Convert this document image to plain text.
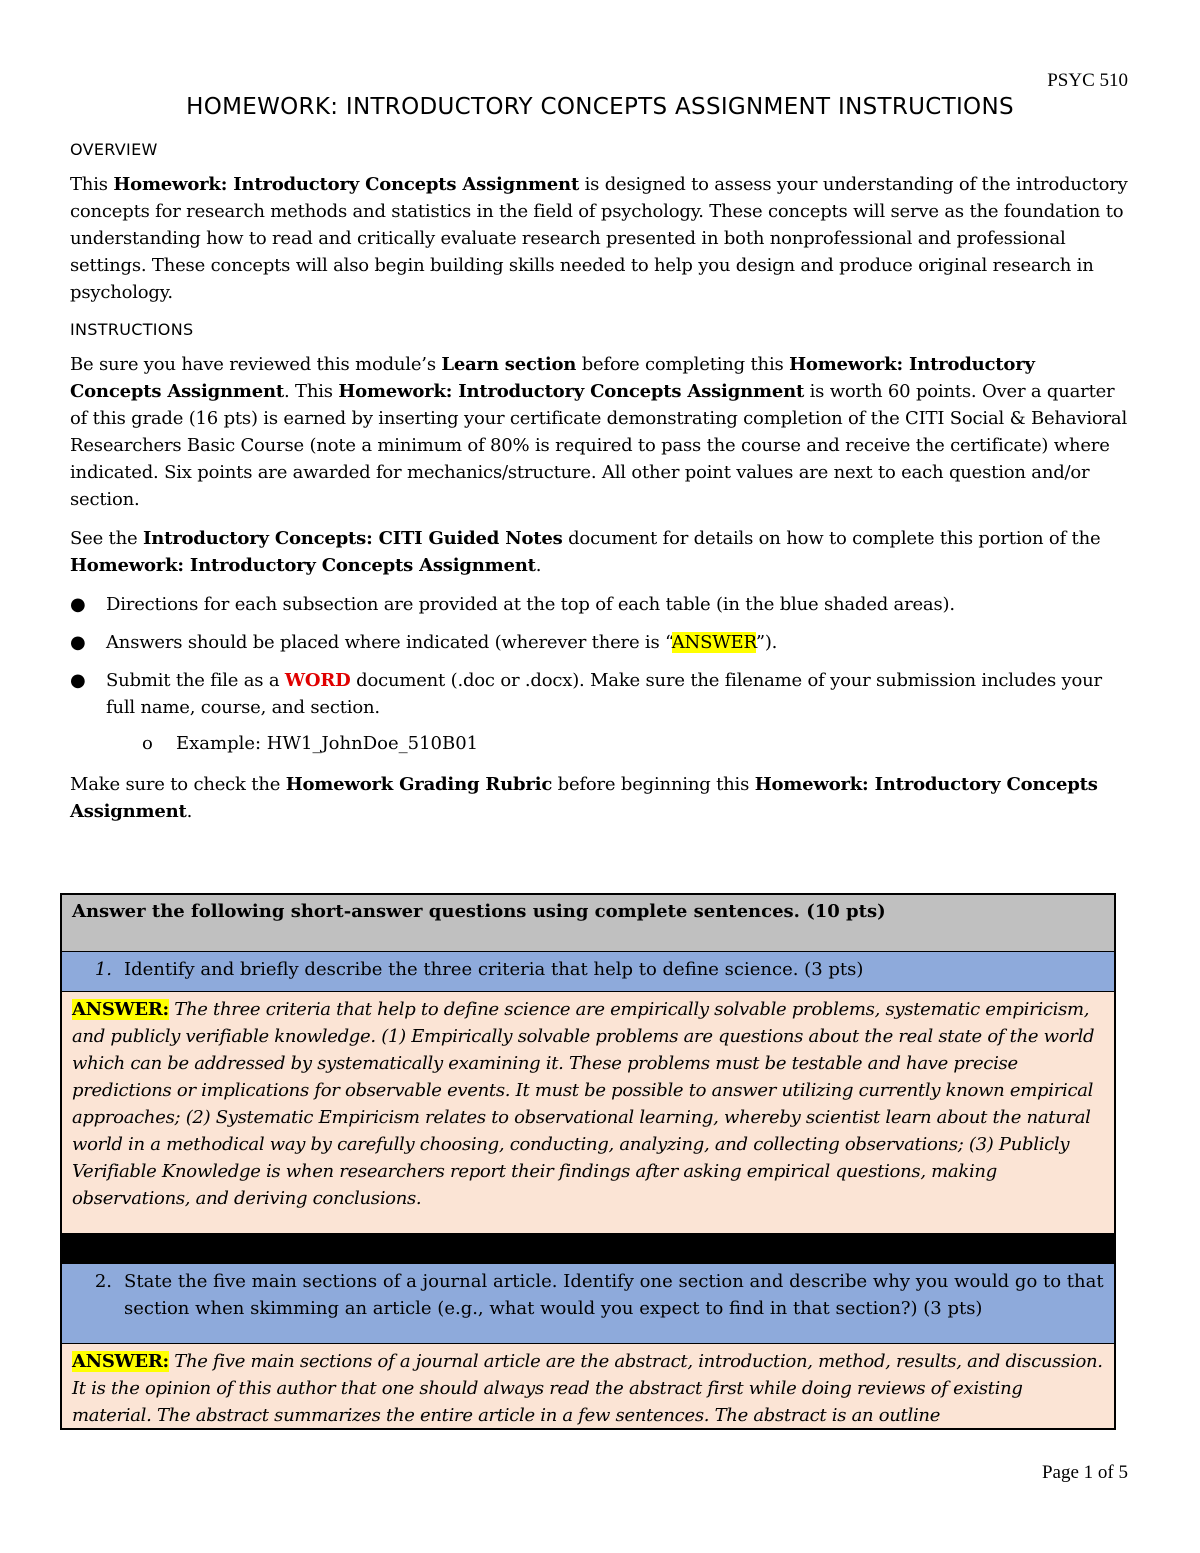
PSYC 510
HOMEWORK: INTRODUCTORY CONCEPTS ASSIGNMENT INSTRUCTIONS
OVERVIEW

This Homework: Introductory Concepts Assignment is designed to assess your understanding of the introductory concepts for research methods and statistics in the field of psychology. These concepts will serve as the foundation to understanding how to read and critically evaluate research presented in both nonprofessional and professional settings. These concepts will also begin building skills needed to help you design and produce original research in psychology.

INSTRUCTIONS

Be sure you have reviewed this module’s Learn section before completing this Homework: Introductory Concepts Assignment. This Homework: Introductory Concepts Assignment is worth 60 points. Over a quarter of this grade (16 pts) is earned by inserting your certificate demonstrating completion of the CITI Social & Behavioral Researchers Basic Course (note a minimum of 80% is required to pass the course and receive the certificate) where indicated. Six points are awarded for mechanics/structure. All other point values are next to each question and/or section.

See the Introductory Concepts: CITI Guided Notes document for details on how to complete this portion of the Homework: Introductory Concepts Assignment.

● Directions for each subsection are provided at the top of each table (in the blue shaded areas).
● Answers should be placed where indicated (wherever there is “ANSWER”).
● Submit the file as a WORD document (.doc or .docx). Make sure the filename of your submission includes your full name, course, and section.
o Example: HW1_JohnDoe_510B01

Make sure to check the Homework Grading Rubric before beginning this Homework: Introductory Concepts Assignment.

Answer the following short-answer questions using complete sentences. (10 pts)
1. Identify and briefly describe the three criteria that help to define science. (3 pts)
ANSWER: The three criteria that help to define science are empirically solvable problems, systematic empiricism, and publicly verifiable knowledge. (1) Empirically solvable problems are questions about the real state of the world which can be addressed by systematically examining it. These problems must be testable and have precise predictions or implications for observable events. It must be possible to answer utilizing currently known empirical approaches; (2) Systematic Empiricism relates to observational learning, whereby scientist learn about the natural world in a methodical way by carefully choosing, conducting, analyzing, and collecting observations; (3) Publicly Verifiable Knowledge is when researchers report their findings after asking empirical questions, making observations, and deriving conclusions.
2. State the five main sections of a journal article. Identify one section and describe why you would go to that section when skimming an article (e.g., what would you expect to find in that section?) (3 pts)
ANSWER: The five main sections of a journal article are the abstract, introduction, method, results, and discussion. It is the opinion of this author that one should always read the abstract first while doing reviews of existing material. The abstract summarizes the entire article in a few sentences. The abstract is an outline
Page 1 of 5
